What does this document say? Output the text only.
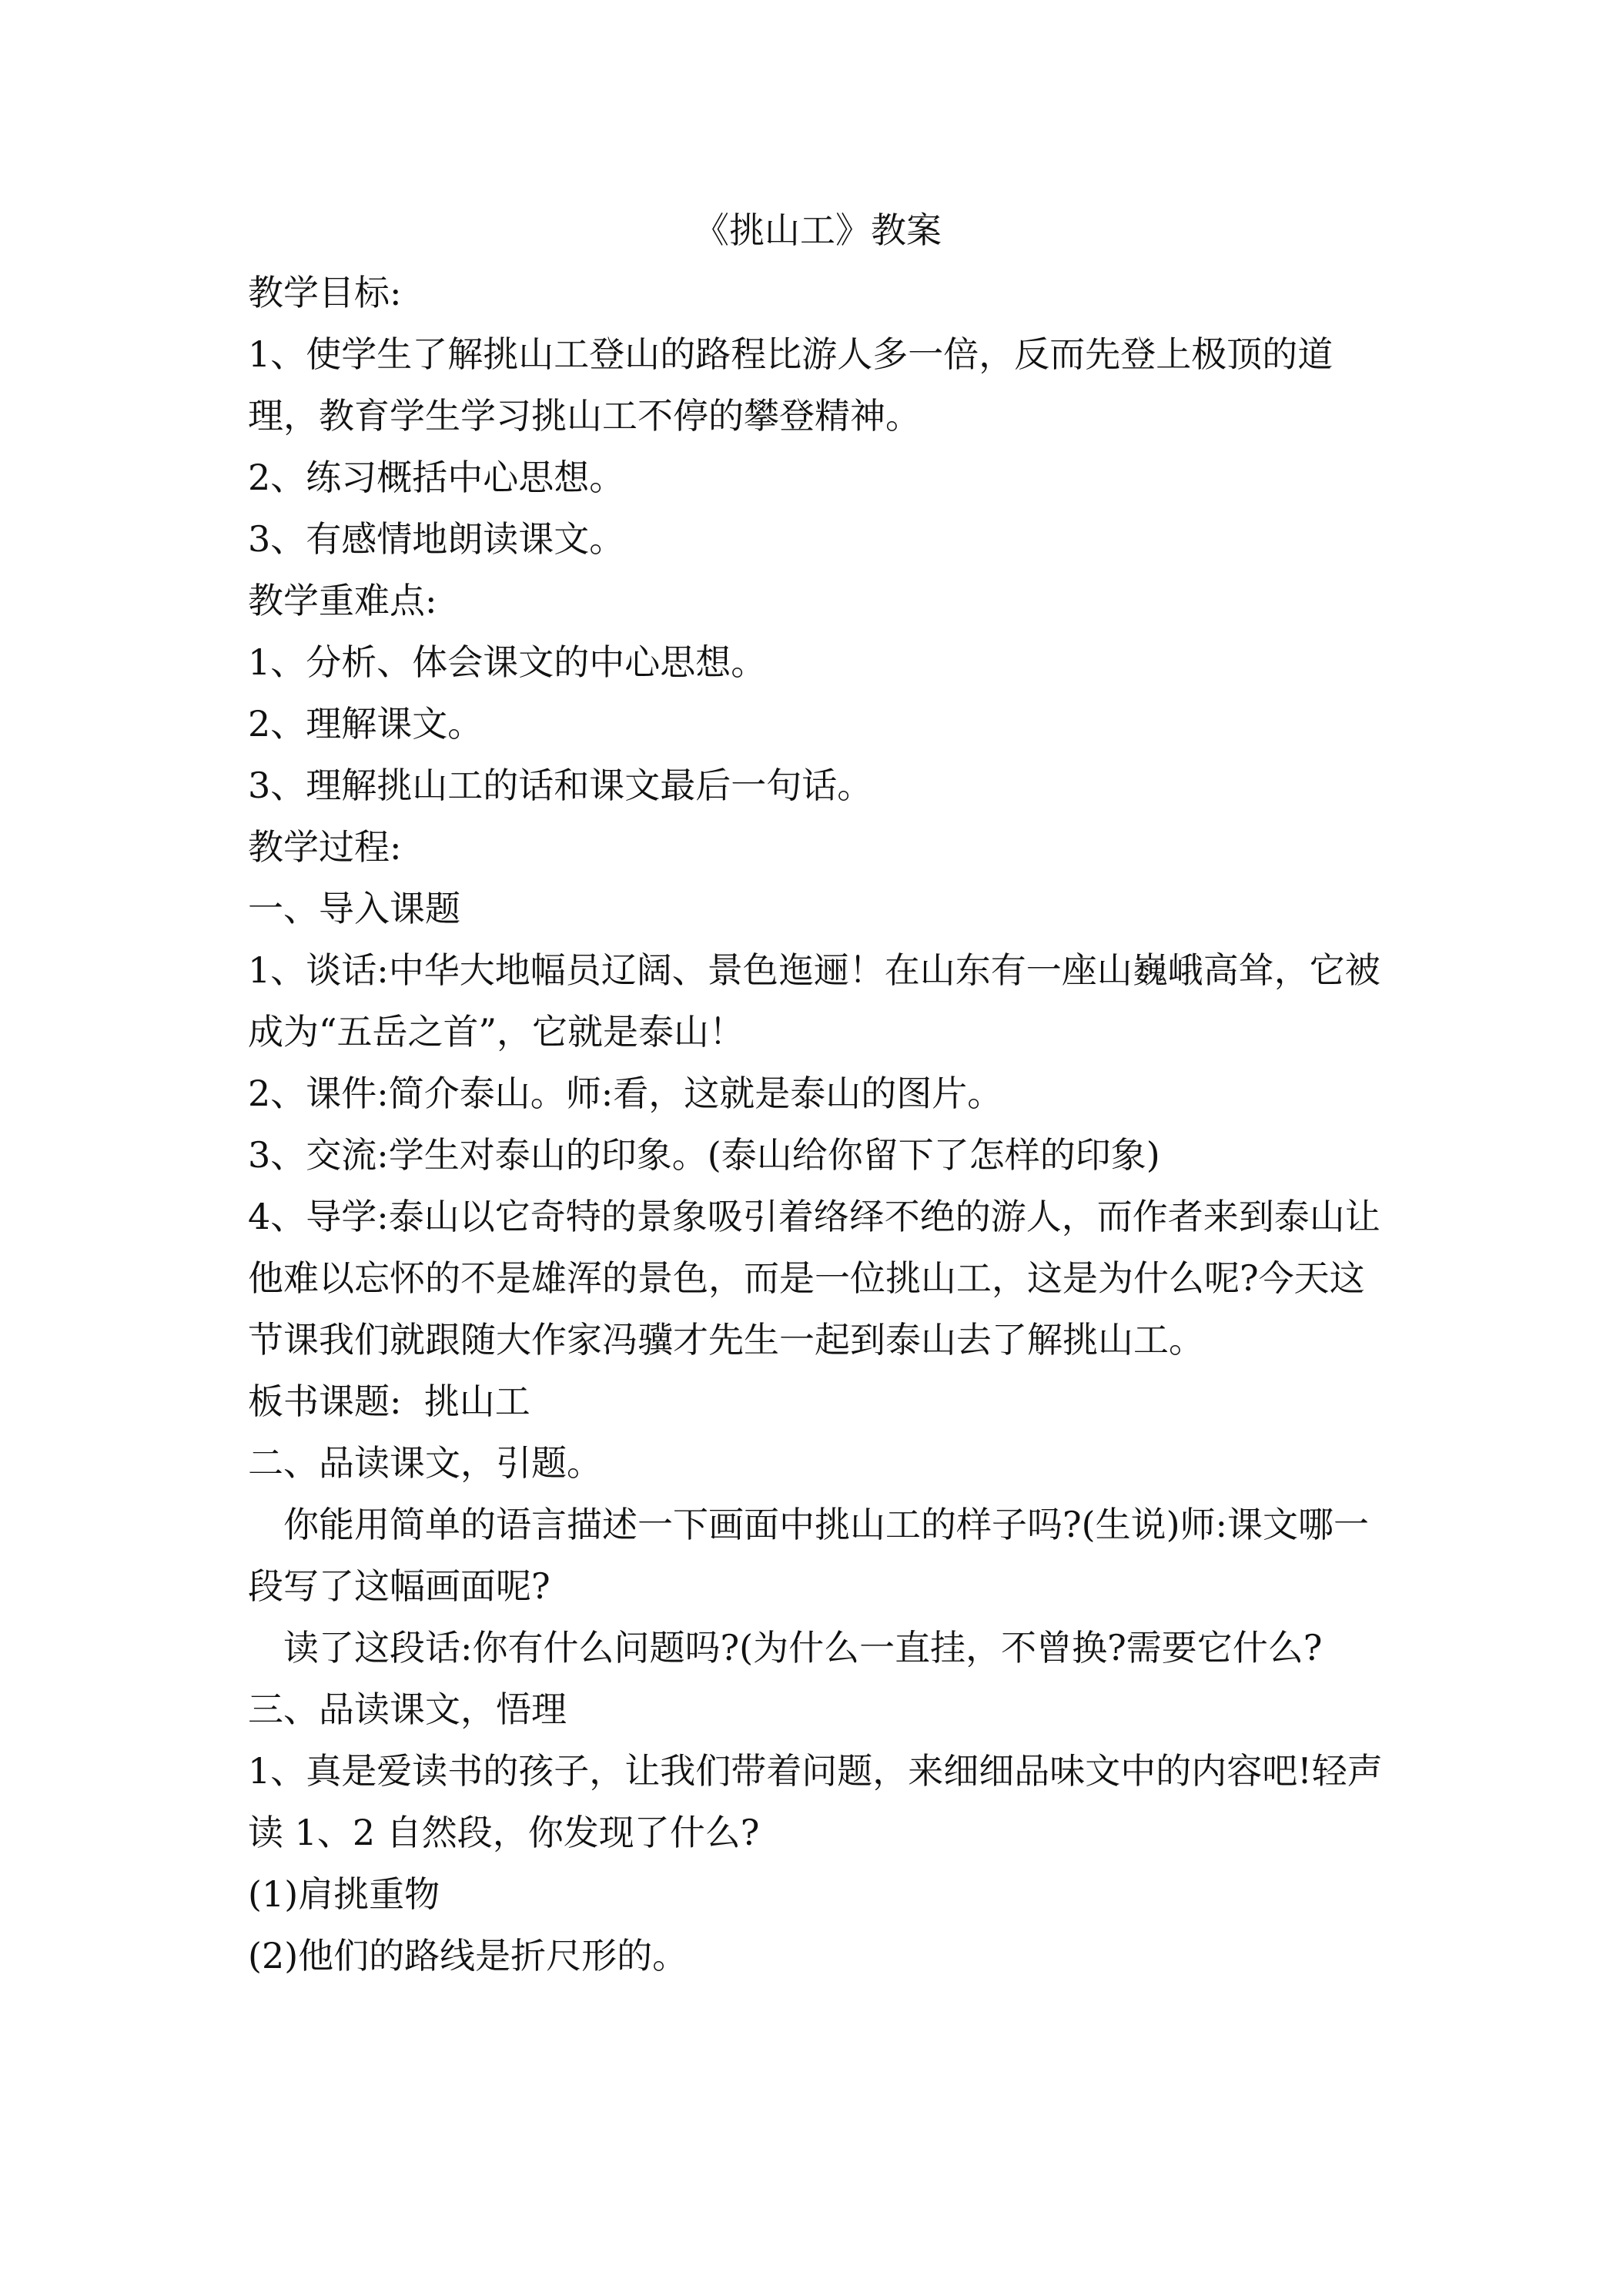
《挑山工》教案

教学目标:

1、使学生了解挑山工登山的路程比游人多一倍，反而先登上极顶的道理，教育学生学习挑山工不停的攀登精神。

2、练习概括中心思想。

3、有感情地朗读课文。

教学重难点:

1、分析、体会课文的中心思想。

2、理解课文。

3、理解挑山工的话和课文最后一句话。

教学过程:

一、导入课题

1、谈话:中华大地幅员辽阔、景色迤逦！在山东有一座山巍峨高耸，它被成为“五岳之首”，它就是泰山！

2、课件:简介泰山。师:看，这就是泰山的图片。

3、交流:学生对泰山的印象。(泰山给你留下了怎样的印象)

4、导学:泰山以它奇特的景象吸引着络绎不绝的游人，而作者来到泰山让他难以忘怀的不是雄浑的景色，而是一位挑山工，这是为什么呢?今天这节课我们就跟随大作家冯骥才先生一起到泰山去了解挑山工。

板书课题:  挑山工

二、品读课文，引题。

你能用简单的语言描述一下画面中挑山工的样子吗?(生说)师:课文哪一段写了这幅画面呢?

读了这段话:你有什么问题吗?(为什么一直挂，不曾换?需要它什么?

三、品读课文，悟理

1、真是爱读书的孩子，让我们带着问题，来细细品味文中的内容吧!轻声读 1、2 自然段，你发现了什么?

(1)肩挑重物

(2)他们的路线是折尺形的。
